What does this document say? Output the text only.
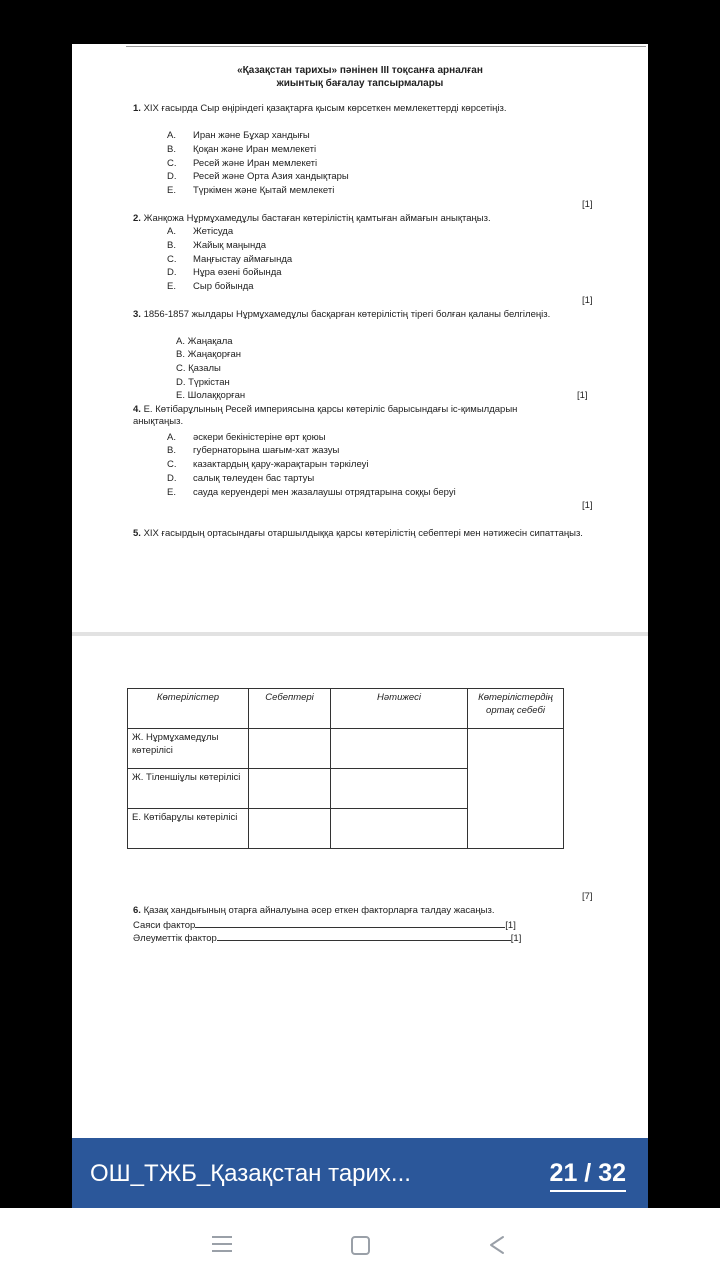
«Қазақстан тарихы» пәнінен ІІІ тоқсанға арналған
жиынтық бағалау тапсырмалары
1. ХІХ ғасырда Сыр өңіріндегі қазақтарға қысым көрсеткен мемлекеттерді көрсетіңіз.
A. Иран және Бұхар хандығы
B. Қоқан және Иран мемлекеті
C. Ресей және Иран мемлекеті
D. Ресей және Орта Азия хандықтары
E. Түркімен және Қытай мемлекеті
[1]
2. Жанқожа Нұрмұхамедұлы бастаған көтерілістің қамтыған аймағын анықтаңыз.
A. Жетісуда
B. Жайық маңында
C. Маңғыстау аймағында
D. Нұра өзені бойында
E. Сыр бойында
[1]
3. 1856-1857 жылдары Нұрмұхамедұлы басқарған көтерілістің тірегі болған қаланы белгілеңіз.
А. Жаңақала
В. Жаңақорған
С. Қазалы
D. Түркістан
Е. Шолаққорған	[1]
4. Е. Көтібарұлының Ресей империясына қарсы көтеріліс барысындағы іс-қимылдарын анықтаңыз.
A. әскери бекіністеріне өрт қоюы
B. губернаторына шағым-хат жазуы
C. казактардың қару-жарақтарын тәркілеуі
D. салық төлеуден бас тартуы
E. сауда керуендері мен жазалаушы отрядтарына соққы беруі
[1]
5. ХІХ ғасырдың ортасындағы отаршылдыққа қарсы көтерілістің себептері мен нәтижесін сипаттаңыз.
Көтерілістер	Себептері	Нәтижесі	Көтерілістердің ортақ себебі
Ж. Нұрмұхамедұлы көтерілісі			
Ж. Тіленшіұлы көтерілісі			
Е. Көтібарұлы көтерілісі			
[7]
6. Қазақ хандығының отарға айналуына әсер еткен факторларға талдау жасаңыз.
Саяси фактор	[1]
Әлеуметтік фактор	[1]
ОШ_ТЖБ_Қазақстан тарих...	21 / 32
